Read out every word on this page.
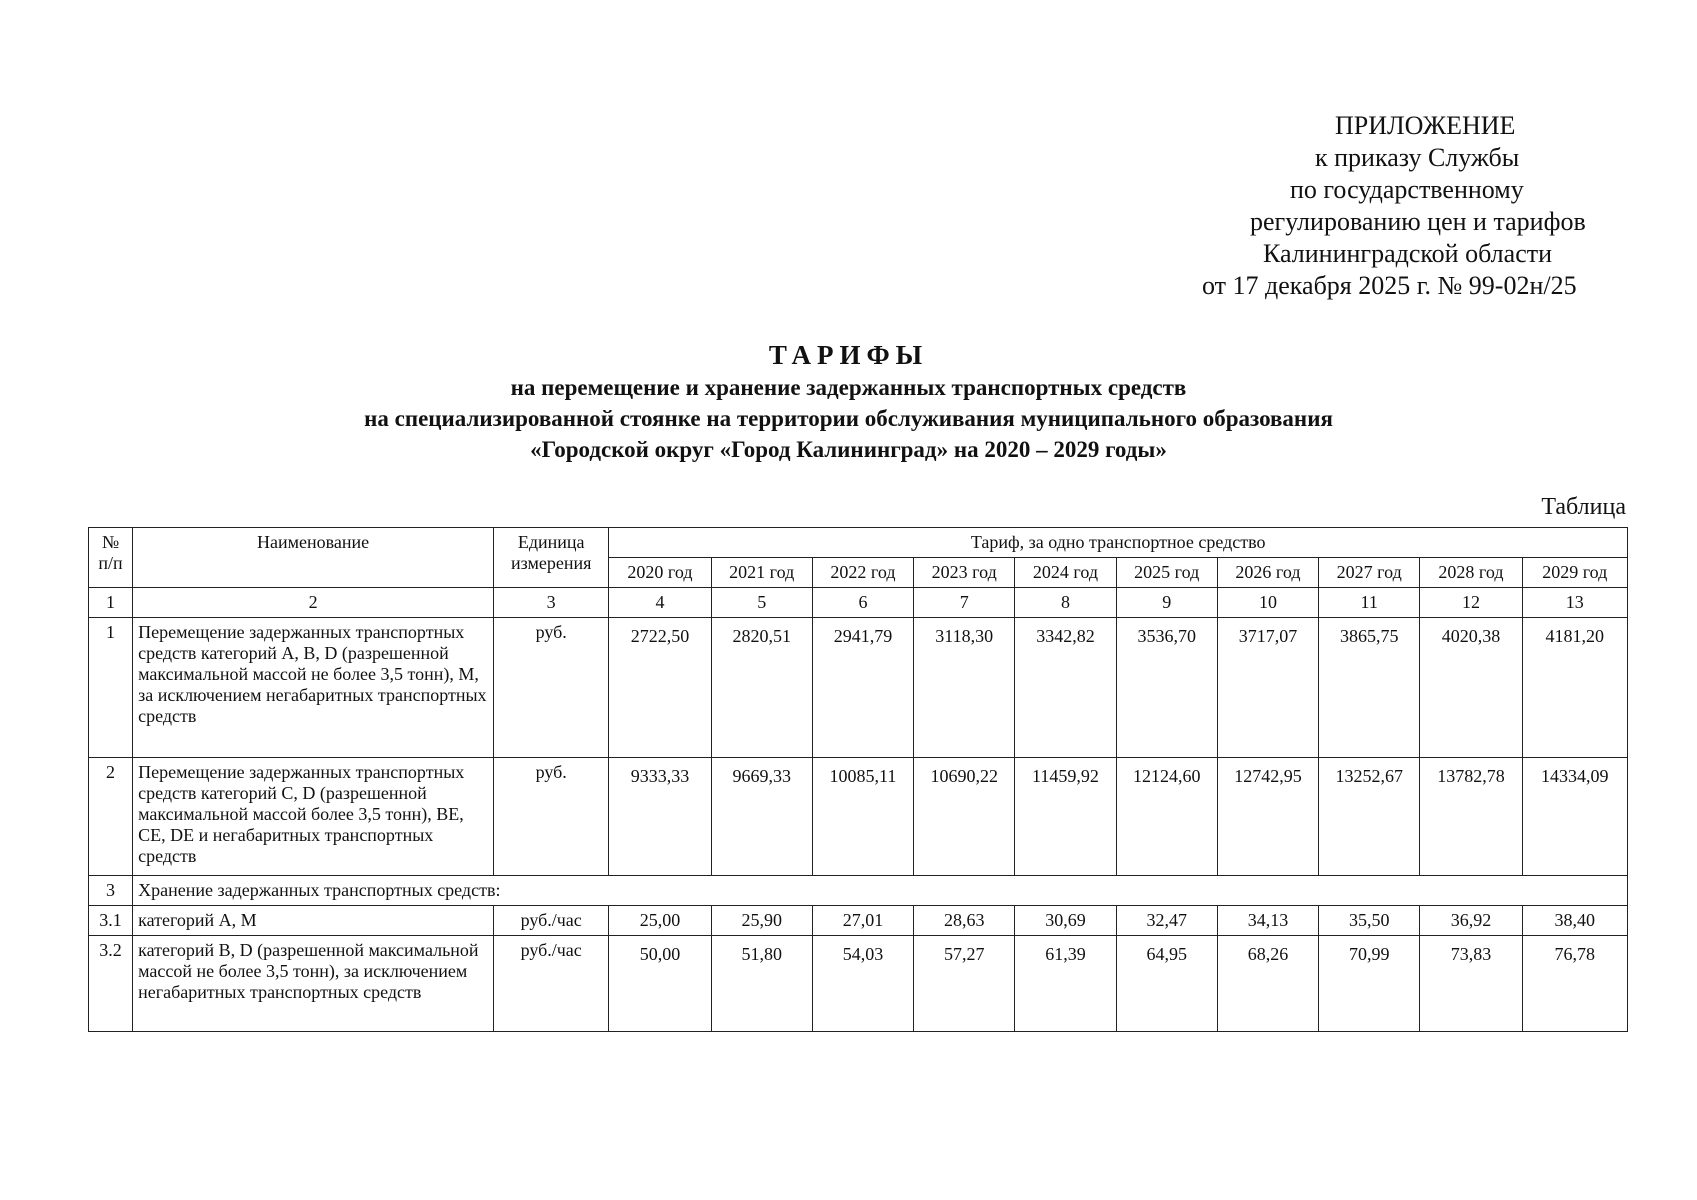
ПРИЛОЖЕНИЕ
к приказу Службы
по государственному
регулированию цен и тарифов
Калининградской области
от 17 декабря 2025 г. № 99-02н/25
ТАРИФЫ
на перемещение и хранение задержанных транспортных средств
на специализированной стоянке на территории обслуживания муниципального образования
«Городской округ «Город Калининград» на 2020 – 2029 годы»
Таблица
№ п/п	Наименование	Единица измерения	Тариф, за одно транспортное средство									
			2020 год	2021 год	2022 год	2023 год	2024 год	2025 год	2026 год	2027 год	2028 год	2029 год
1	2	3	4	5	6	7	8	9	10	11	12	13
1	Перемещение задержанных транспортных средств категорий A, B, D (разрешенной максимальной массой не более 3,5 тонн), M, за исключением негабаритных транспортных средств	руб.	2722,50	2820,51	2941,79	3118,30	3342,82	3536,70	3717,07	3865,75	4020,38	4181,20
2	Перемещение задержанных транспортных средств категорий C, D (разрешенной максимальной массой более 3,5 тонн), BE, CE, DE и негабаритных транспортных средств	руб.	9333,33	9669,33	10085,11	10690,22	11459,92	12124,60	12742,95	13252,67	13782,78	14334,09
3	Хранение задержанных транспортных средств:											
3.1	категорий A, M	руб./час	25,00	25,90	27,01	28,63	30,69	32,47	34,13	35,50	36,92	38,40
3.2	категорий B, D (разрешенной максимальной массой не более 3,5 тонн), за исключением негабаритных транспортных средств	руб./час	50,00	51,80	54,03	57,27	61,39	64,95	68,26	70,99	73,83	76,78
